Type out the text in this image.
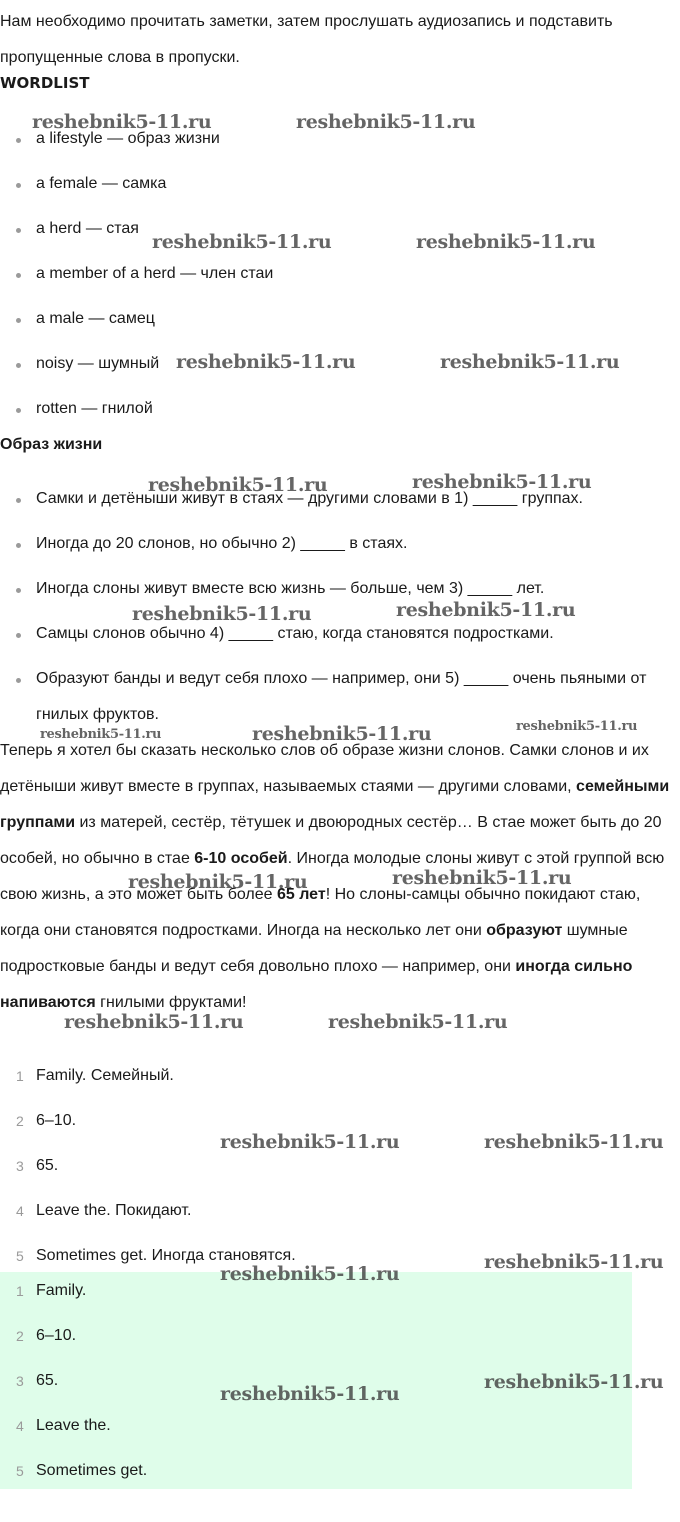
Нам необходимо прочитать заметки, затем прослушать аудиозапись и подставить пропущенные слова в пропуски.

WORDLIST
a lifestyle — образ жизни
a female — самка
a herd — стая
a member of a herd — член стаи
a male — самец
noisy — шумный
rotten — гнилой
Образ жизни
Самки и детёныши живут в стаях — другими словами в 1) _____ группах.
Иногда до 20 слонов, но обычно 2) _____ в стаях.
Иногда слоны живут вместе всю жизнь — больше, чем 3) _____ лет.
Самцы слонов обычно 4) _____ стаю, когда становятся подростками.
Образуют банды и ведут себя плохо — например, они 5) _____ очень пьяными от гнилых фруктов.

Теперь я хотел бы сказать несколько слов об образе жизни слонов. Самки слонов и их детёныши живут вместе в группах, называемых стаями — другими словами, семейными группами из матерей, сестёр, тётушек и двоюродных сестёр… В стае может быть до 20 особей, но обычно в стае 6-10 особей. Иногда молодые слоны живут с этой группой всю свою жизнь, а это может быть более 65 лет! Но слоны-самцы обычно покидают стаю, когда они становятся подростками. Иногда на несколько лет они образуют шумные подростковые банды и ведут себя довольно плохо — например, они иногда сильно напиваются гнилыми фруктами!

1 Family. Семейный.
2 6–10.
3 65.
4 Leave the. Покидают.
5 Sometimes get. Иногда становятся.
1 Family.
2 6–10.
3 65.
4 Leave the.
5 Sometimes get.
reshebnik5-11.ru	reshebnik5-11.ru
reshebnik5-11.ru	reshebnik5-11.ru
reshebnik5-11.ru	reshebnik5-11.ru
reshebnik5-11.ru	reshebnik5-11.ru
reshebnik5-11.ru	reshebnik5-11.ru
reshebnik5-11.ru	reshebnik5-11.ru	reshebnik5-11.ru
reshebnik5-11.ru	reshebnik5-11.ru
reshebnik5-11.ru	reshebnik5-11.ru
reshebnik5-11.ru	reshebnik5-11.ru
reshebnik5-11.ru
reshebnik5-11.ru
reshebnik5-11.ru
reshebnik5-11.ru
